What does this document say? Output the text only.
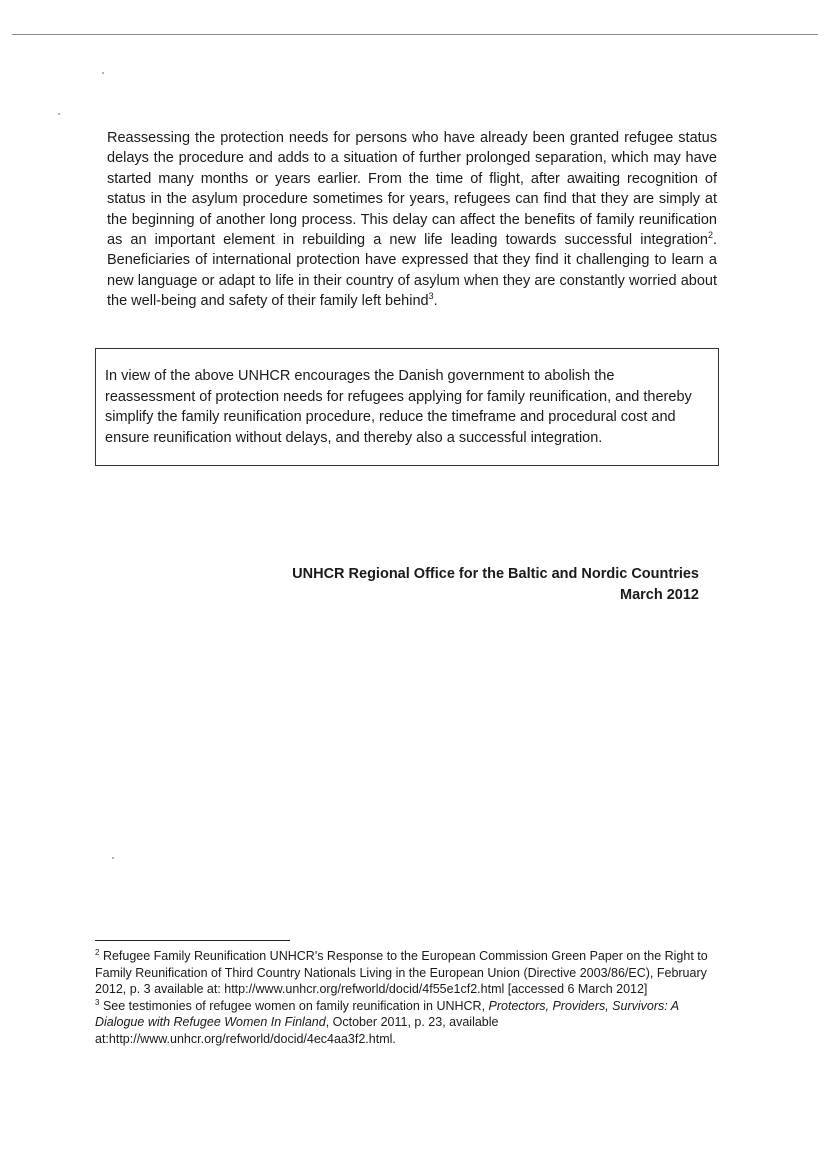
Reassessing the protection needs for persons who have already been granted refugee status delays the procedure and adds to a situation of further prolonged separation, which may have started many months or years earlier. From the time of flight, after awaiting recognition of status in the asylum procedure sometimes for years, refugees can find that they are simply at the beginning of another long process. This delay can affect the benefits of family reunification as an important element in rebuilding a new life leading towards successful integration$^2$. Beneficiaries of international protection have expressed that they find it challenging to learn a new language or adapt to life in their country of asylum when they are constantly worried about the well-being and safety of their family left behind$^3$.

In view of the above UNHCR encourages the Danish government to abolish the reassessment of protection needs for refugees applying for family reunification, and thereby simplify the family reunification procedure, reduce the timeframe and procedural cost and ensure reunification without delays, and thereby also a successful integration.
UNHCR Regional Office for the Baltic and Nordic Countries
March 2012

$^2$ Refugee Family Reunification UNHCR's Response to the European Commission Green Paper on the Right to Family Reunification of Third Country Nationals Living in the European Union (Directive 2003/86/EC), February 2012, p. 3 available at: http://www.unhcr.org/refworld/docid/4f55e1cf2.html [accessed 6 March 2012]

$^3$ See testimonies of refugee women on family reunification in UNHCR, Protectors, Providers, Survivors: A Dialogue with Refugee Women In Finland, October 2011, p. 23, available at:http://www.unhcr.org/refworld/docid/4ec4aa3f2.html.
